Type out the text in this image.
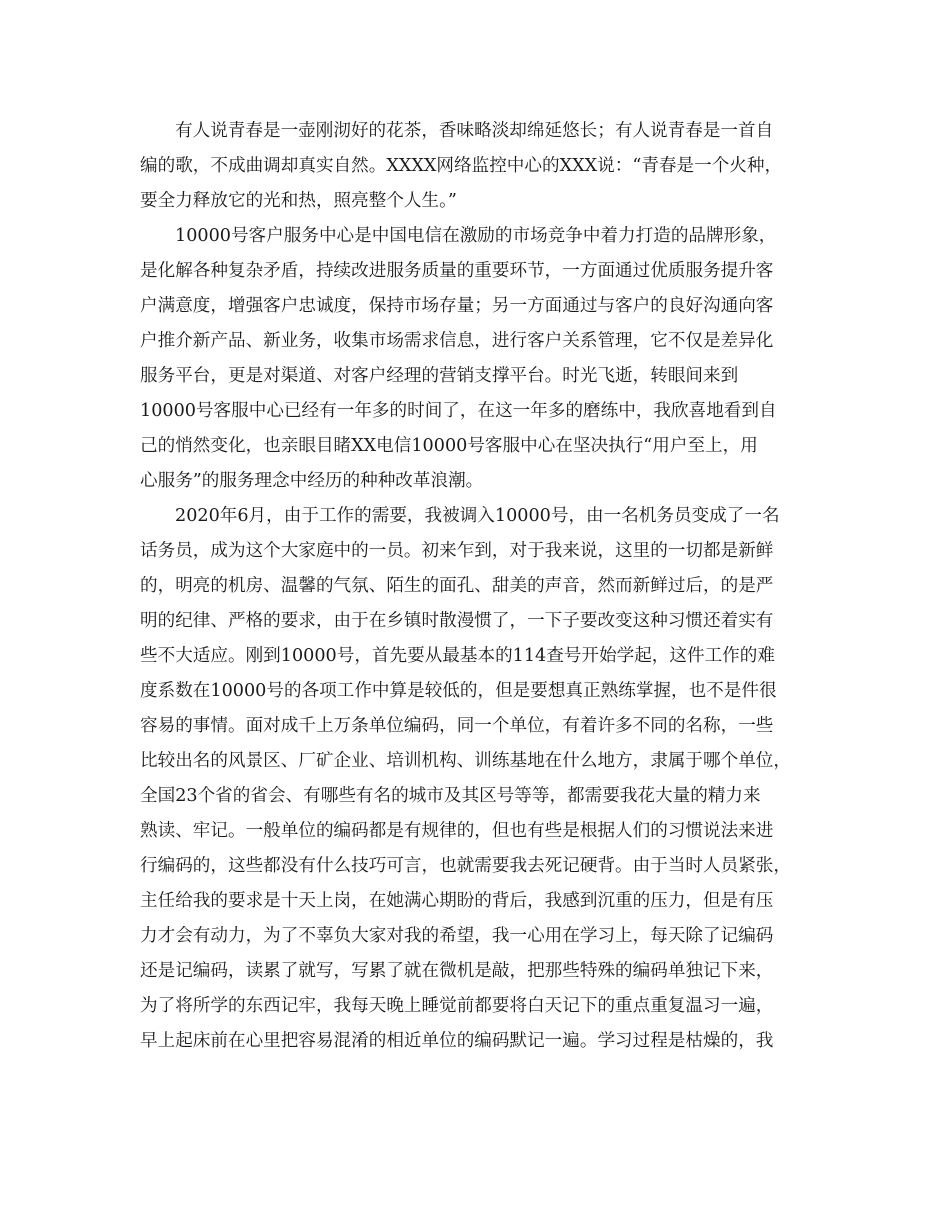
有人说青春是一壶刚沏好的花茶，香味略淡却绵延悠长；有人说青春是一首自
编的歌，不成曲调却真实自然。XXXX网络监控中心的XXX说：“青春是一个火种，
要全力释放它的光和热，照亮整个人生。”
10000号客户服务中心是中国电信在激励的市场竞争中着力打造的品牌形象，
是化解各种复杂矛盾，持续改进服务质量的重要环节，一方面通过优质服务提升客
户满意度，增强客户忠诚度，保持市场存量；另一方面通过与客户的良好沟通向客
户推介新产品、新业务，收集市场需求信息，进行客户关系管理，它不仅是差异化
服务平台，更是对渠道、对客户经理的营销支撑平台。时光飞逝，转眼间来到
10000号客服中心已经有一年多的时间了，在这一年多的磨练中，我欣喜地看到自
己的悄然变化，也亲眼目睹XX电信10000号客服中心在坚决执行“用户至上，用
心服务”的服务理念中经历的种种改革浪潮。
2020年6月，由于工作的需要，我被调入10000号，由一名机务员变成了一名
话务员，成为这个大家庭中的一员。初来乍到，对于我来说，这里的一切都是新鲜
的，明亮的机房、温馨的气氛、陌生的面孔、甜美的声音，然而新鲜过后，的是严
明的纪律、严格的要求，由于在乡镇时散漫惯了，一下子要改变这种习惯还着实有
些不大适应。刚到10000号，首先要从最基本的114查号开始学起，这件工作的难
度系数在10000号的各项工作中算是较低的，但是要想真正熟练掌握，也不是件很
容易的事情。面对成千上万条单位编码，同一个单位，有着许多不同的名称，一些
比较出名的风景区、厂矿企业、培训机构、训练基地在什么地方，隶属于哪个单位，
全国23个省的省会、有哪些有名的城市及其区号等等，都需要我花大量的精力来
熟读、牢记。一般单位的编码都是有规律的，但也有些是根据人们的习惯说法来进
行编码的，这些都没有什么技巧可言，也就需要我去死记硬背。由于当时人员紧张，
主任给我的要求是十天上岗，在她满心期盼的背后，我感到沉重的压力，但是有压
力才会有动力，为了不辜负大家对我的希望，我一心用在学习上，每天除了记编码
还是记编码，读累了就写，写累了就在微机是敲，把那些特殊的编码单独记下来，
为了将所学的东西记牢，我每天晚上睡觉前都要将白天记下的重点重复温习一遍，
早上起床前在心里把容易混淆的相近单位的编码默记一遍。学习过程是枯燥的，我
